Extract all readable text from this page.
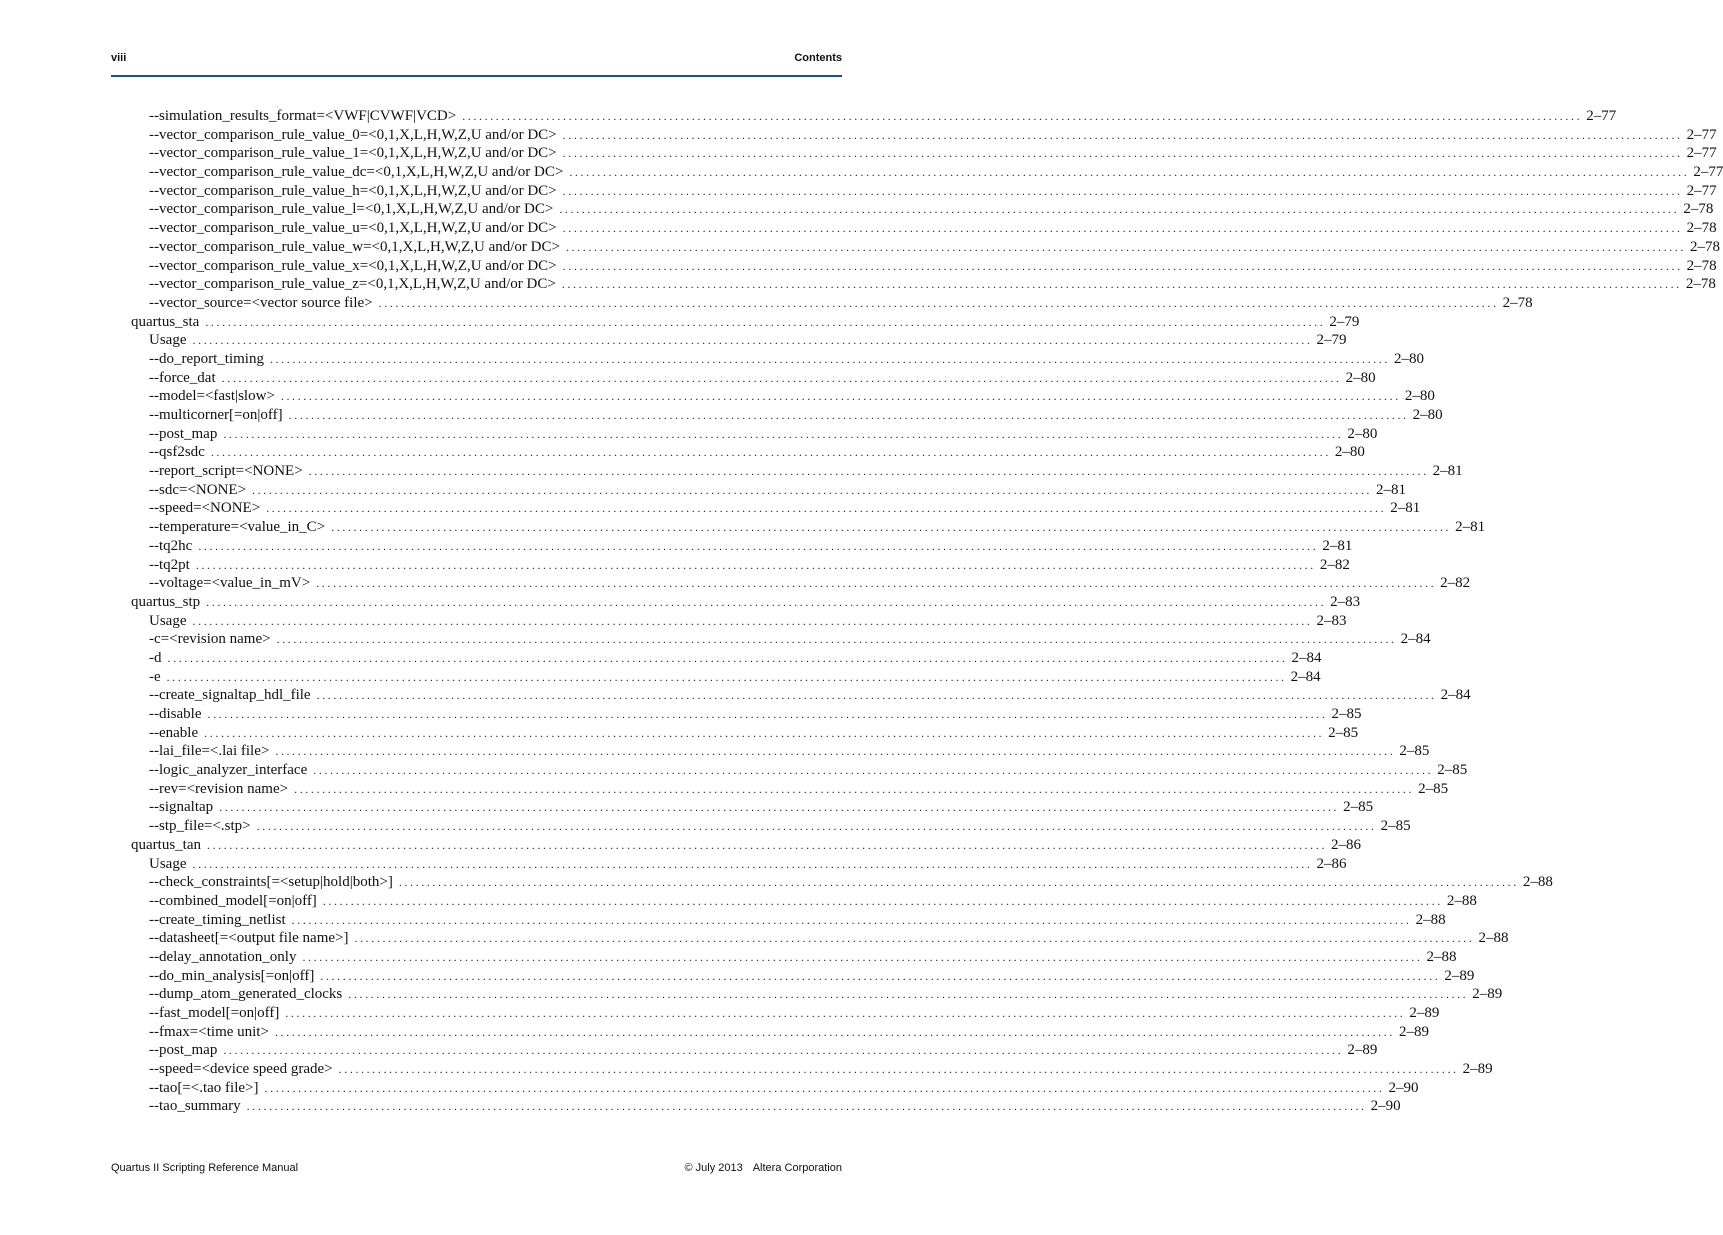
viii	Contents
--simulation_results_format=<VWF|CVWF|VCD> ........................................................................................................................................................................................................ 2–77
--vector_comparison_rule_value_0=<0,1,X,L,H,W,Z,U and/or DC> ........................................................................................................................................................................................................ 2–77
--vector_comparison_rule_value_1=<0,1,X,L,H,W,Z,U and/or DC> ........................................................................................................................................................................................................ 2–77
--vector_comparison_rule_value_dc=<0,1,X,L,H,W,Z,U and/or DC> ........................................................................................................................................................................................................ 2–77
--vector_comparison_rule_value_h=<0,1,X,L,H,W,Z,U and/or DC> ........................................................................................................................................................................................................ 2–77
--vector_comparison_rule_value_l=<0,1,X,L,H,W,Z,U and/or DC> ........................................................................................................................................................................................................ 2–78
--vector_comparison_rule_value_u=<0,1,X,L,H,W,Z,U and/or DC> ........................................................................................................................................................................................................ 2–78
--vector_comparison_rule_value_w=<0,1,X,L,H,W,Z,U and/or DC> ........................................................................................................................................................................................................ 2–78
--vector_comparison_rule_value_x=<0,1,X,L,H,W,Z,U and/or DC> ........................................................................................................................................................................................................ 2–78
--vector_comparison_rule_value_z=<0,1,X,L,H,W,Z,U and/or DC> ........................................................................................................................................................................................................ 2–78
--vector_source=<vector source file> ........................................................................................................................................................................................................ 2–78
quartus_sta ........................................................................................................................................................................................................ 2–79
Usage ........................................................................................................................................................................................................ 2–79
--do_report_timing ........................................................................................................................................................................................................ 2–80
--force_dat ........................................................................................................................................................................................................ 2–80
--model=<fast|slow> ........................................................................................................................................................................................................ 2–80
--multicorner[=on|off] ........................................................................................................................................................................................................ 2–80
--post_map ........................................................................................................................................................................................................ 2–80
--qsf2sdc ........................................................................................................................................................................................................ 2–80
--report_script=<NONE> ........................................................................................................................................................................................................ 2–81
--sdc=<NONE> ........................................................................................................................................................................................................ 2–81
--speed=<NONE> ........................................................................................................................................................................................................ 2–81
--temperature=<value_in_C> ........................................................................................................................................................................................................ 2–81
--tq2hc ........................................................................................................................................................................................................ 2–81
--tq2pt ........................................................................................................................................................................................................ 2–82
--voltage=<value_in_mV> ........................................................................................................................................................................................................ 2–82
quartus_stp ........................................................................................................................................................................................................ 2–83
Usage ........................................................................................................................................................................................................ 2–83
-c=<revision name> ........................................................................................................................................................................................................ 2–84
-d ........................................................................................................................................................................................................ 2–84
-e ........................................................................................................................................................................................................ 2–84
--create_signaltap_hdl_file ........................................................................................................................................................................................................ 2–84
--disable ........................................................................................................................................................................................................ 2–85
--enable ........................................................................................................................................................................................................ 2–85
--lai_file=<.lai file> ........................................................................................................................................................................................................ 2–85
--logic_analyzer_interface ........................................................................................................................................................................................................ 2–85
--rev=<revision name> ........................................................................................................................................................................................................ 2–85
--signaltap ........................................................................................................................................................................................................ 2–85
--stp_file=<.stp> ........................................................................................................................................................................................................ 2–85
quartus_tan ........................................................................................................................................................................................................ 2–86
Usage ........................................................................................................................................................................................................ 2–86
--check_constraints[=<setup|hold|both>] ........................................................................................................................................................................................................ 2–88
--combined_model[=on|off] ........................................................................................................................................................................................................ 2–88
--create_timing_netlist ........................................................................................................................................................................................................ 2–88
--datasheet[=<output file name>] ........................................................................................................................................................................................................ 2–88
--delay_annotation_only ........................................................................................................................................................................................................ 2–88
--do_min_analysis[=on|off] ........................................................................................................................................................................................................ 2–89
--dump_atom_generated_clocks ........................................................................................................................................................................................................ 2–89
--fast_model[=on|off] ........................................................................................................................................................................................................ 2–89
--fmax=<time unit> ........................................................................................................................................................................................................ 2–89
--post_map ........................................................................................................................................................................................................ 2–89
--speed=<device speed grade> ........................................................................................................................................................................................................ 2–89
--tao[=<.tao file>] ........................................................................................................................................................................................................ 2–90
--tao_summary ........................................................................................................................................................................................................ 2–90
Quartus II Scripting Reference Manual	© July 2013 Altera Corporation
